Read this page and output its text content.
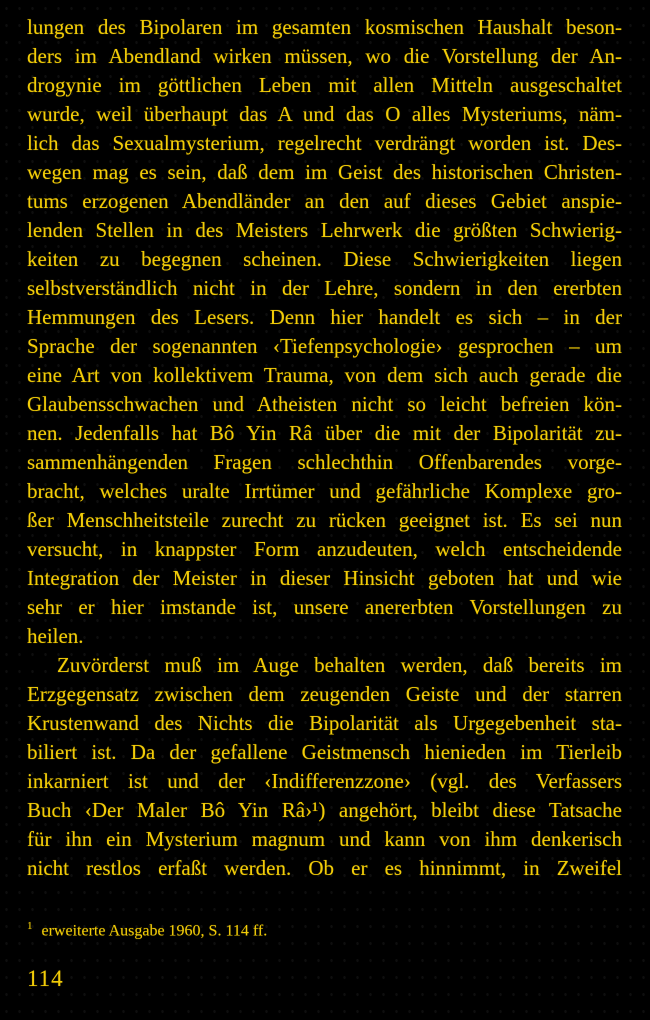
lungen des Bipolaren im gesamten kosmischen Haushalt beson-
ders im Abendland wirken müssen, wo die Vorstellung der An-
drogynie im göttlichen Leben mit allen Mitteln ausgeschaltet
wurde, weil überhaupt das A und das O alles Mysteriums, näm-
lich das Sexualmysterium, regelrecht verdrängt worden ist. Des-
wegen mag es sein, daß dem im Geist des historischen Christen-
tums erzogenen Abendländer an den auf dieses Gebiet anspie-
lenden Stellen in des Meisters Lehrwerk die größten Schwierig-
keiten zu begegnen scheinen. Diese Schwierigkeiten liegen
selbstverständlich nicht in der Lehre, sondern in den ererbten
Hemmungen des Lesers. Denn hier handelt es sich – in der
Sprache der sogenannten ‹Tiefenpsychologie› gesprochen – um
eine Art von kollektivem Trauma, von dem sich auch gerade die
Glaubensschwachen und Atheisten nicht so leicht befreien kön-
nen. Jedenfalls hat Bô Yin Râ über die mit der Bipolarität zu-
sammenhängenden Fragen schlechthin Offenbarendes vorge-
bracht, welches uralte Irrtümer und gefährliche Komplexe gro-
ßer Menschheitsteile zurecht zu rücken geeignet ist. Es sei nun
versucht, in knappster Form anzudeuten, welch entscheidende
Integration der Meister in dieser Hinsicht geboten hat und wie
sehr er hier imstande ist, unsere anererbten Vorstellungen zu
heilen.
Zuvörderst muß im Auge behalten werden, daß bereits im
Erzgegensatz zwischen dem zeugenden Geiste und der starren
Krustenwand des Nichts die Bipolarität als Urgegebenheit sta-
biliert ist. Da der gefallene Geistmensch hienieden im Tierleib
inkarniert ist und der ‹Indifferenzzone› (vgl. des Verfassers
Buch ‹Der Maler Bô Yin Râ›¹) angehört, bleibt diese Tatsache
für ihn ein Mysterium magnum und kann von ihm denkerisch
nicht restlos erfaßt werden. Ob er es hinnimmt, in Zweifel
1 erweiterte Ausgabe 1960, S. 114 ff.
114
